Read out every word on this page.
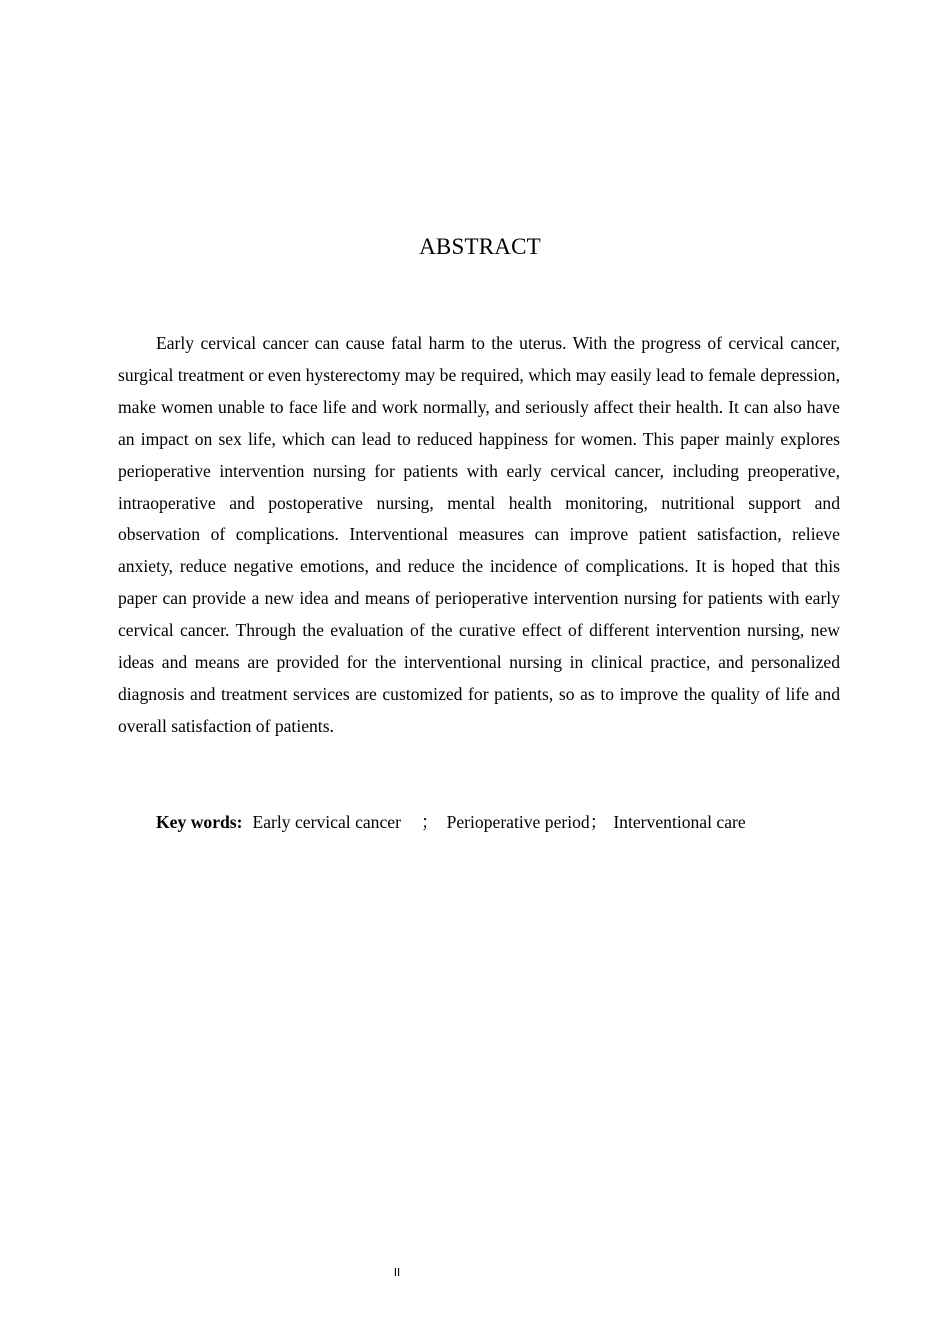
ABSTRACT

Early cervical cancer can cause fatal harm to the uterus. With the progress of cervical cancer, surgical treatment or even hysterectomy may be required, which may easily lead to female depression, make women unable to face life and work normally, and seriously affect their health. It can also have an impact on sex life, which can lead to reduced happiness for women. This paper mainly explores perioperative intervention nursing for patients with early cervical cancer, including preoperative, intraoperative and postoperative nursing, mental health monitoring, nutritional support and observation of complications. Interventional measures can improve patient satisfaction, relieve anxiety, reduce negative emotions, and reduce the incidence of complications. It is hoped that this paper can provide a new idea and means of perioperative intervention nursing for patients with early cervical cancer. Through the evaluation of the curative effect of different intervention nursing, new ideas and means are provided for the interventional nursing in clinical practice, and personalized diagnosis and treatment services are customized for patients, so as to improve the quality of life and overall satisfaction of patients.

Key words: Early cervical cancer ； Perioperative period； Interventional care
II
